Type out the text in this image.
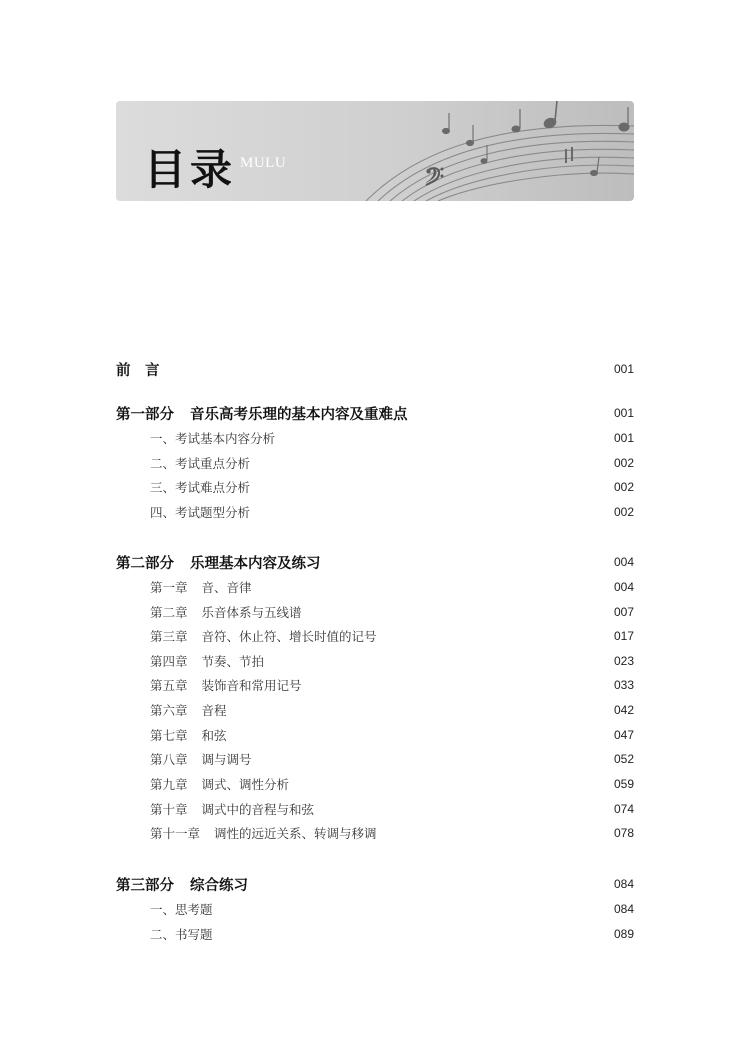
𝄢
目录 MULU
前　言	001
第一部分 音乐高考乐理的基本内容及重难点	001
一、考试基本内容分析	001
二、考试重点分析	002
三、考试难点分析	002
四、考试题型分析	002
第二部分 乐理基本内容及练习	004
第一章 音、音律	004
第二章 乐音体系与五线谱	007
第三章 音符、休止符、增长时值的记号	017
第四章 节奏、节拍	023
第五章 装饰音和常用记号	033
第六章 音程	042
第七章 和弦	047
第八章 调与调号	052
第九章 调式、调性分析	059
第十章 调式中的音程与和弦	074
第十一章 调性的远近关系、转调与移调	078
第三部分 综合练习	084
一、思考题	084
二、书写题	089
